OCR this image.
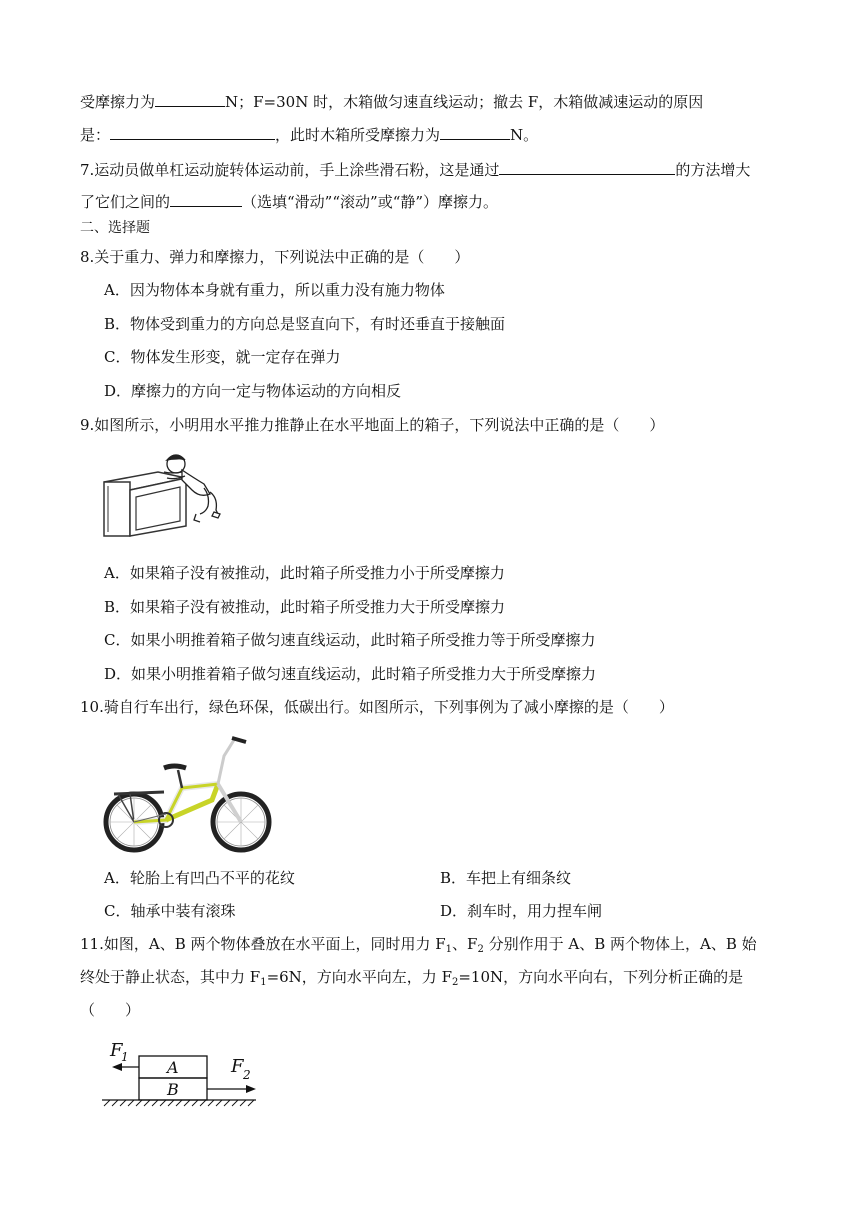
受摩擦力为	N；F=30N 时，木箱做匀速直线运动；撤去 F，木箱做减速运动的原因
是：	，此时木箱所受摩擦力为	N。
7.运动员做单杠运动旋转体运动前，手上涂些滑石粉，这是通过	的方法增大
了它们之间的	（选填“滑动”“滚动”或“静”）摩擦力。
二、选择题
8.关于重力、弹力和摩擦力，下列说法中正确的是（　　）
A．因为物体本身就有重力，所以重力没有施力物体
B．物体受到重力的方向总是竖直向下，有时还垂直于接触面
C．物体发生形变，就一定存在弹力
D．摩擦力的方向一定与物体运动的方向相反
9.如图所示，小明用水平推力推静止在水平地面上的箱子，下列说法中正确的是（　　）
A．如果箱子没有被推动，此时箱子所受推力小于所受摩擦力
B．如果箱子没有被推动，此时箱子所受推力大于所受摩擦力
C．如果小明推着箱子做匀速直线运动，此时箱子所受推力等于所受摩擦力
D．如果小明推着箱子做匀速直线运动，此时箱子所受推力大于所受摩擦力
10.骑自行车出行，绿色环保，低碳出行。如图所示，下列事例为了减小摩擦的是（　　）
A．轮胎上有凹凸不平的花纹	B．车把上有细条纹
C．轴承中装有滚珠	D．刹车时，用力捏车闸
11.如图，A、B 两个物体叠放在水平面上，同时用力 $F_1$、$F_2$ 分别作用于 A、B 两个物体上，A、B 始
终处于静止状态，其中力 $F_1=6N$，方向水平向左，力 $F_2=10N$，方向水平向右，下列分析正确的是
（　　）
F
1	F 2
A
B
